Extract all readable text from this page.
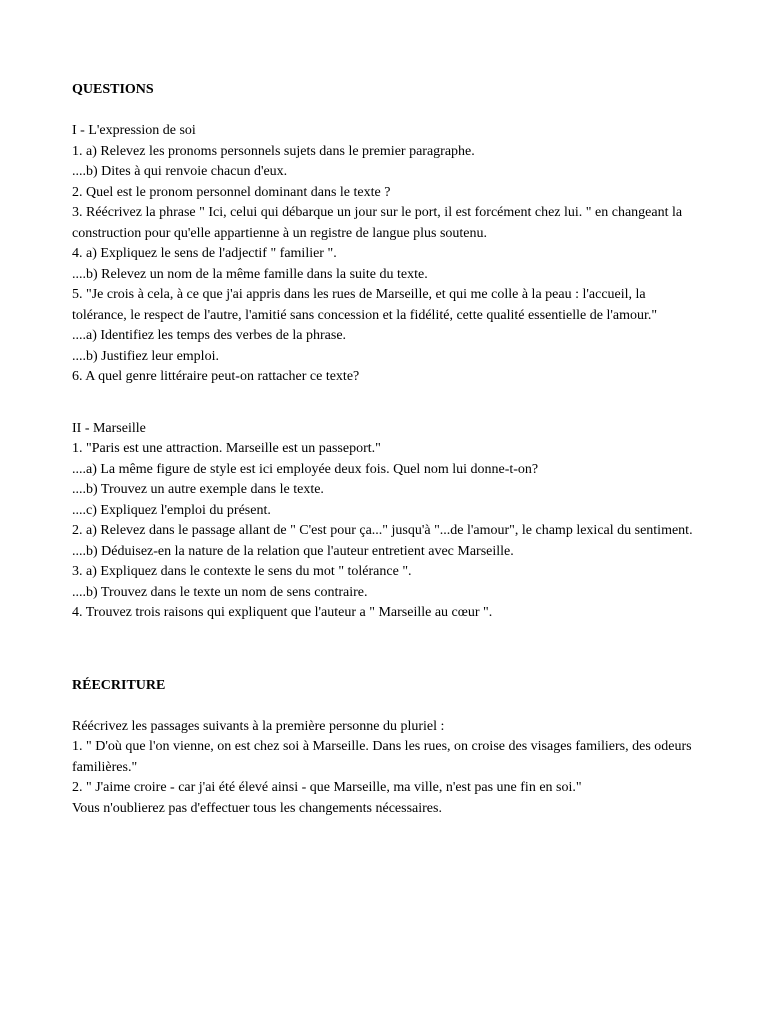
QUESTIONS
I - L'expression de soi
1. a) Relevez les pronoms personnels sujets dans le premier paragraphe.
....b) Dites à qui renvoie chacun d'eux.
2. Quel est le pronom personnel dominant dans le texte ?
3. Réécrivez la phrase " Ici, celui qui débarque un jour sur le port, il est forcément chez lui. " en changeant la construction pour qu'elle appartienne à un registre de langue plus soutenu.
4. a) Expliquez le sens de l'adjectif " familier ".
....b) Relevez un nom de la même famille dans la suite du texte.
5. "Je crois à cela, à ce que j'ai appris dans les rues de Marseille, et qui me colle à la peau : l'accueil, la tolérance, le respect de l'autre, l'amitié sans concession et la fidélité, cette qualité essentielle de l'amour."
....a) Identifiez les temps des verbes de la phrase.
....b) Justifiez leur emploi.
6. A quel genre littéraire peut-on rattacher ce texte?
II - Marseille
1. "Paris est une attraction. Marseille est un passeport."
....a) La même figure de style est ici employée deux fois. Quel nom lui donne-t-on?
....b) Trouvez un autre exemple dans le texte.
....c) Expliquez l'emploi du présent.
2. a) Relevez dans le passage allant de " C'est pour ça..." jusqu'à "...de l'amour", le champ lexical du sentiment.
....b) Déduisez-en la nature de la relation que l'auteur entretient avec Marseille.
3. a) Expliquez dans le contexte le sens du mot " tolérance ".
....b) Trouvez dans le texte un nom de sens contraire.
4. Trouvez trois raisons qui expliquent que l'auteur a " Marseille au cœur ".
RÉECRITURE
Réécrivez les passages suivants à la première personne du pluriel :
1. " D'où que l'on vienne, on est chez soi à Marseille. Dans les rues, on croise des visages familiers, des odeurs familières."
2. " J'aime croire - car j'ai été élevé ainsi - que Marseille, ma ville, n'est pas une fin en soi."
Vous n'oublierez pas d'effectuer tous les changements nécessaires.
